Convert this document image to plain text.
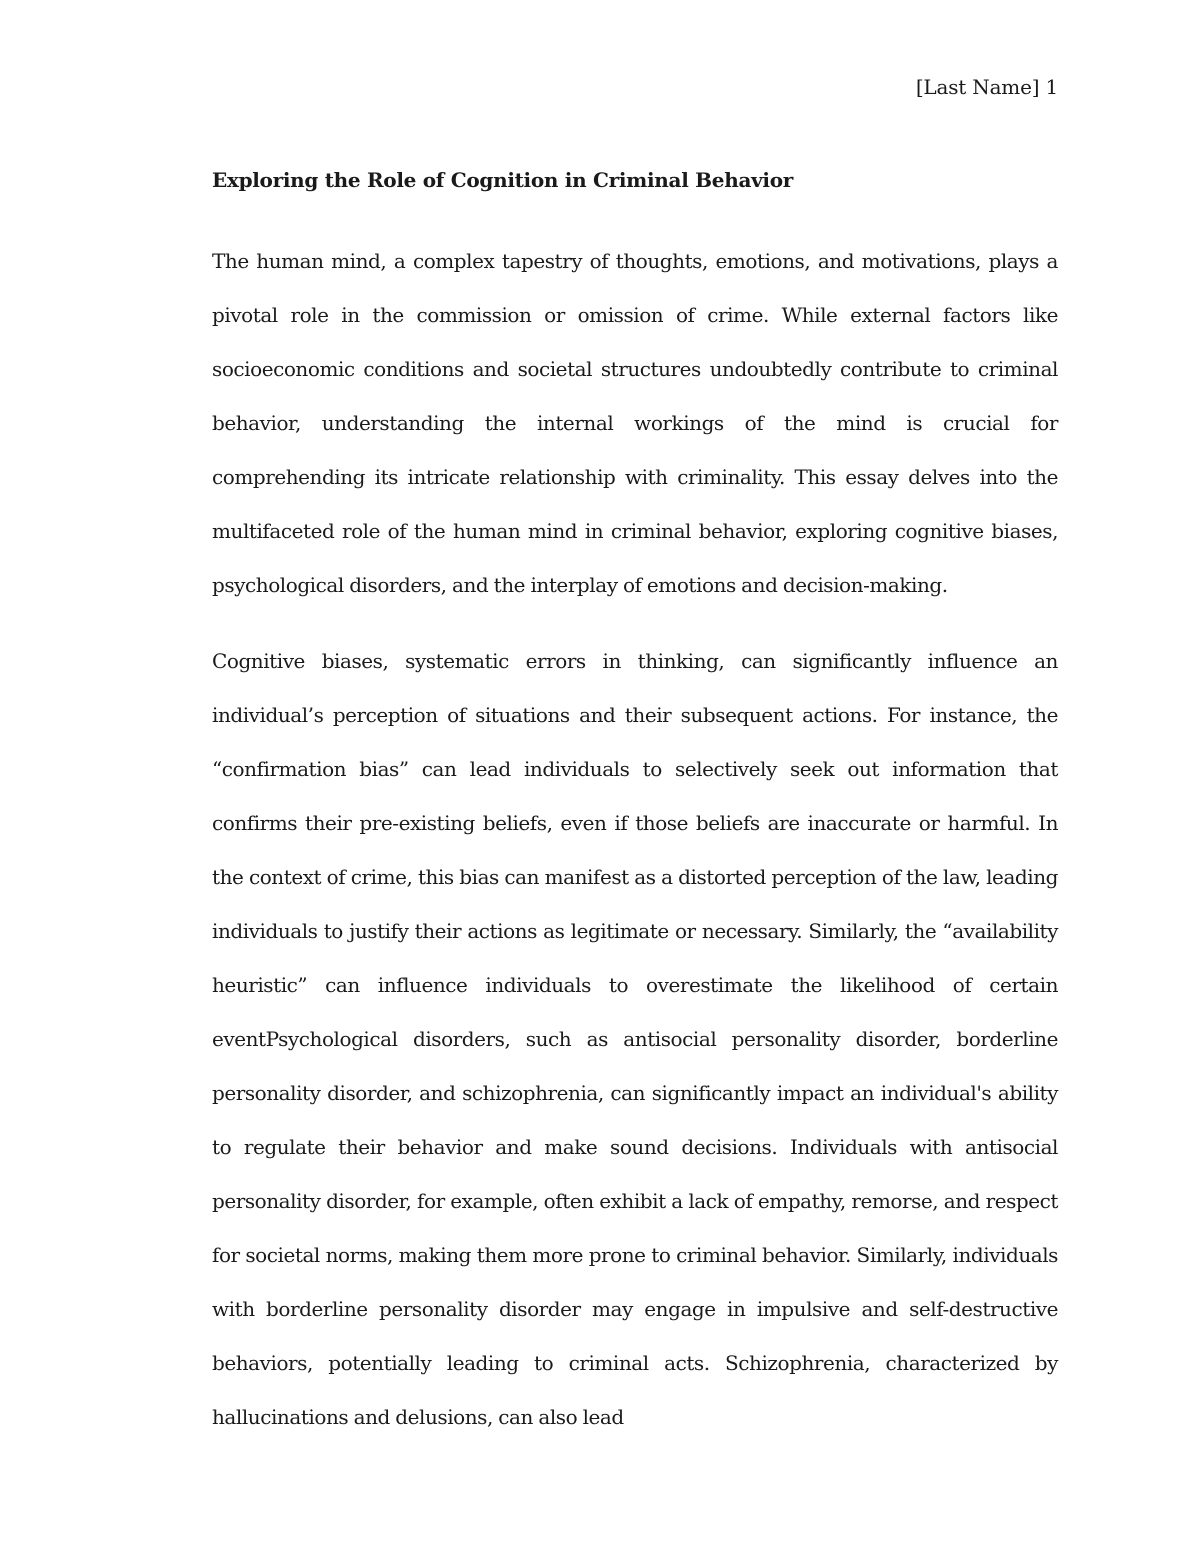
[Last Name] 1
Exploring the Role of Cognition in Criminal Behavior

The human mind, a complex tapestry of thoughts, emotions, and motivations, plays a pivotal role in the commission or omission of crime. While external factors like socioeconomic conditions and societal structures undoubtedly contribute to criminal behavior, understanding the internal workings of the mind is crucial for comprehending its intricate relationship with criminality. This essay delves into the multifaceted role of the human mind in criminal behavior, exploring cognitive biases, psychological disorders, and the interplay of emotions and decision-making.

Cognitive biases, systematic errors in thinking, can significantly influence an individual’s perception of situations and their subsequent actions. For instance, the “confirmation bias” can lead individuals to selectively seek out information that confirms their pre-existing beliefs, even if those beliefs are inaccurate or harmful. In the context of crime, this bias can manifest as a distorted perception of the law, leading individuals to justify their actions as legitimate or necessary. Similarly, the “availability heuristic” can influence individuals to overestimate the likelihood of certain eventPsychological disorders, such as antisocial personality disorder, borderline personality disorder, and schizophrenia, can significantly impact an individual's ability to regulate their behavior and make sound decisions. Individuals with antisocial personality disorder, for example, often exhibit a lack of empathy, remorse, and respect for societal norms, making them more prone to criminal behavior. Similarly, individuals with borderline personality disorder may engage in impulsive and self-destructive behaviors, potentially leading to criminal acts. Schizophrenia, characterized by hallucinations and delusions, can also lead
